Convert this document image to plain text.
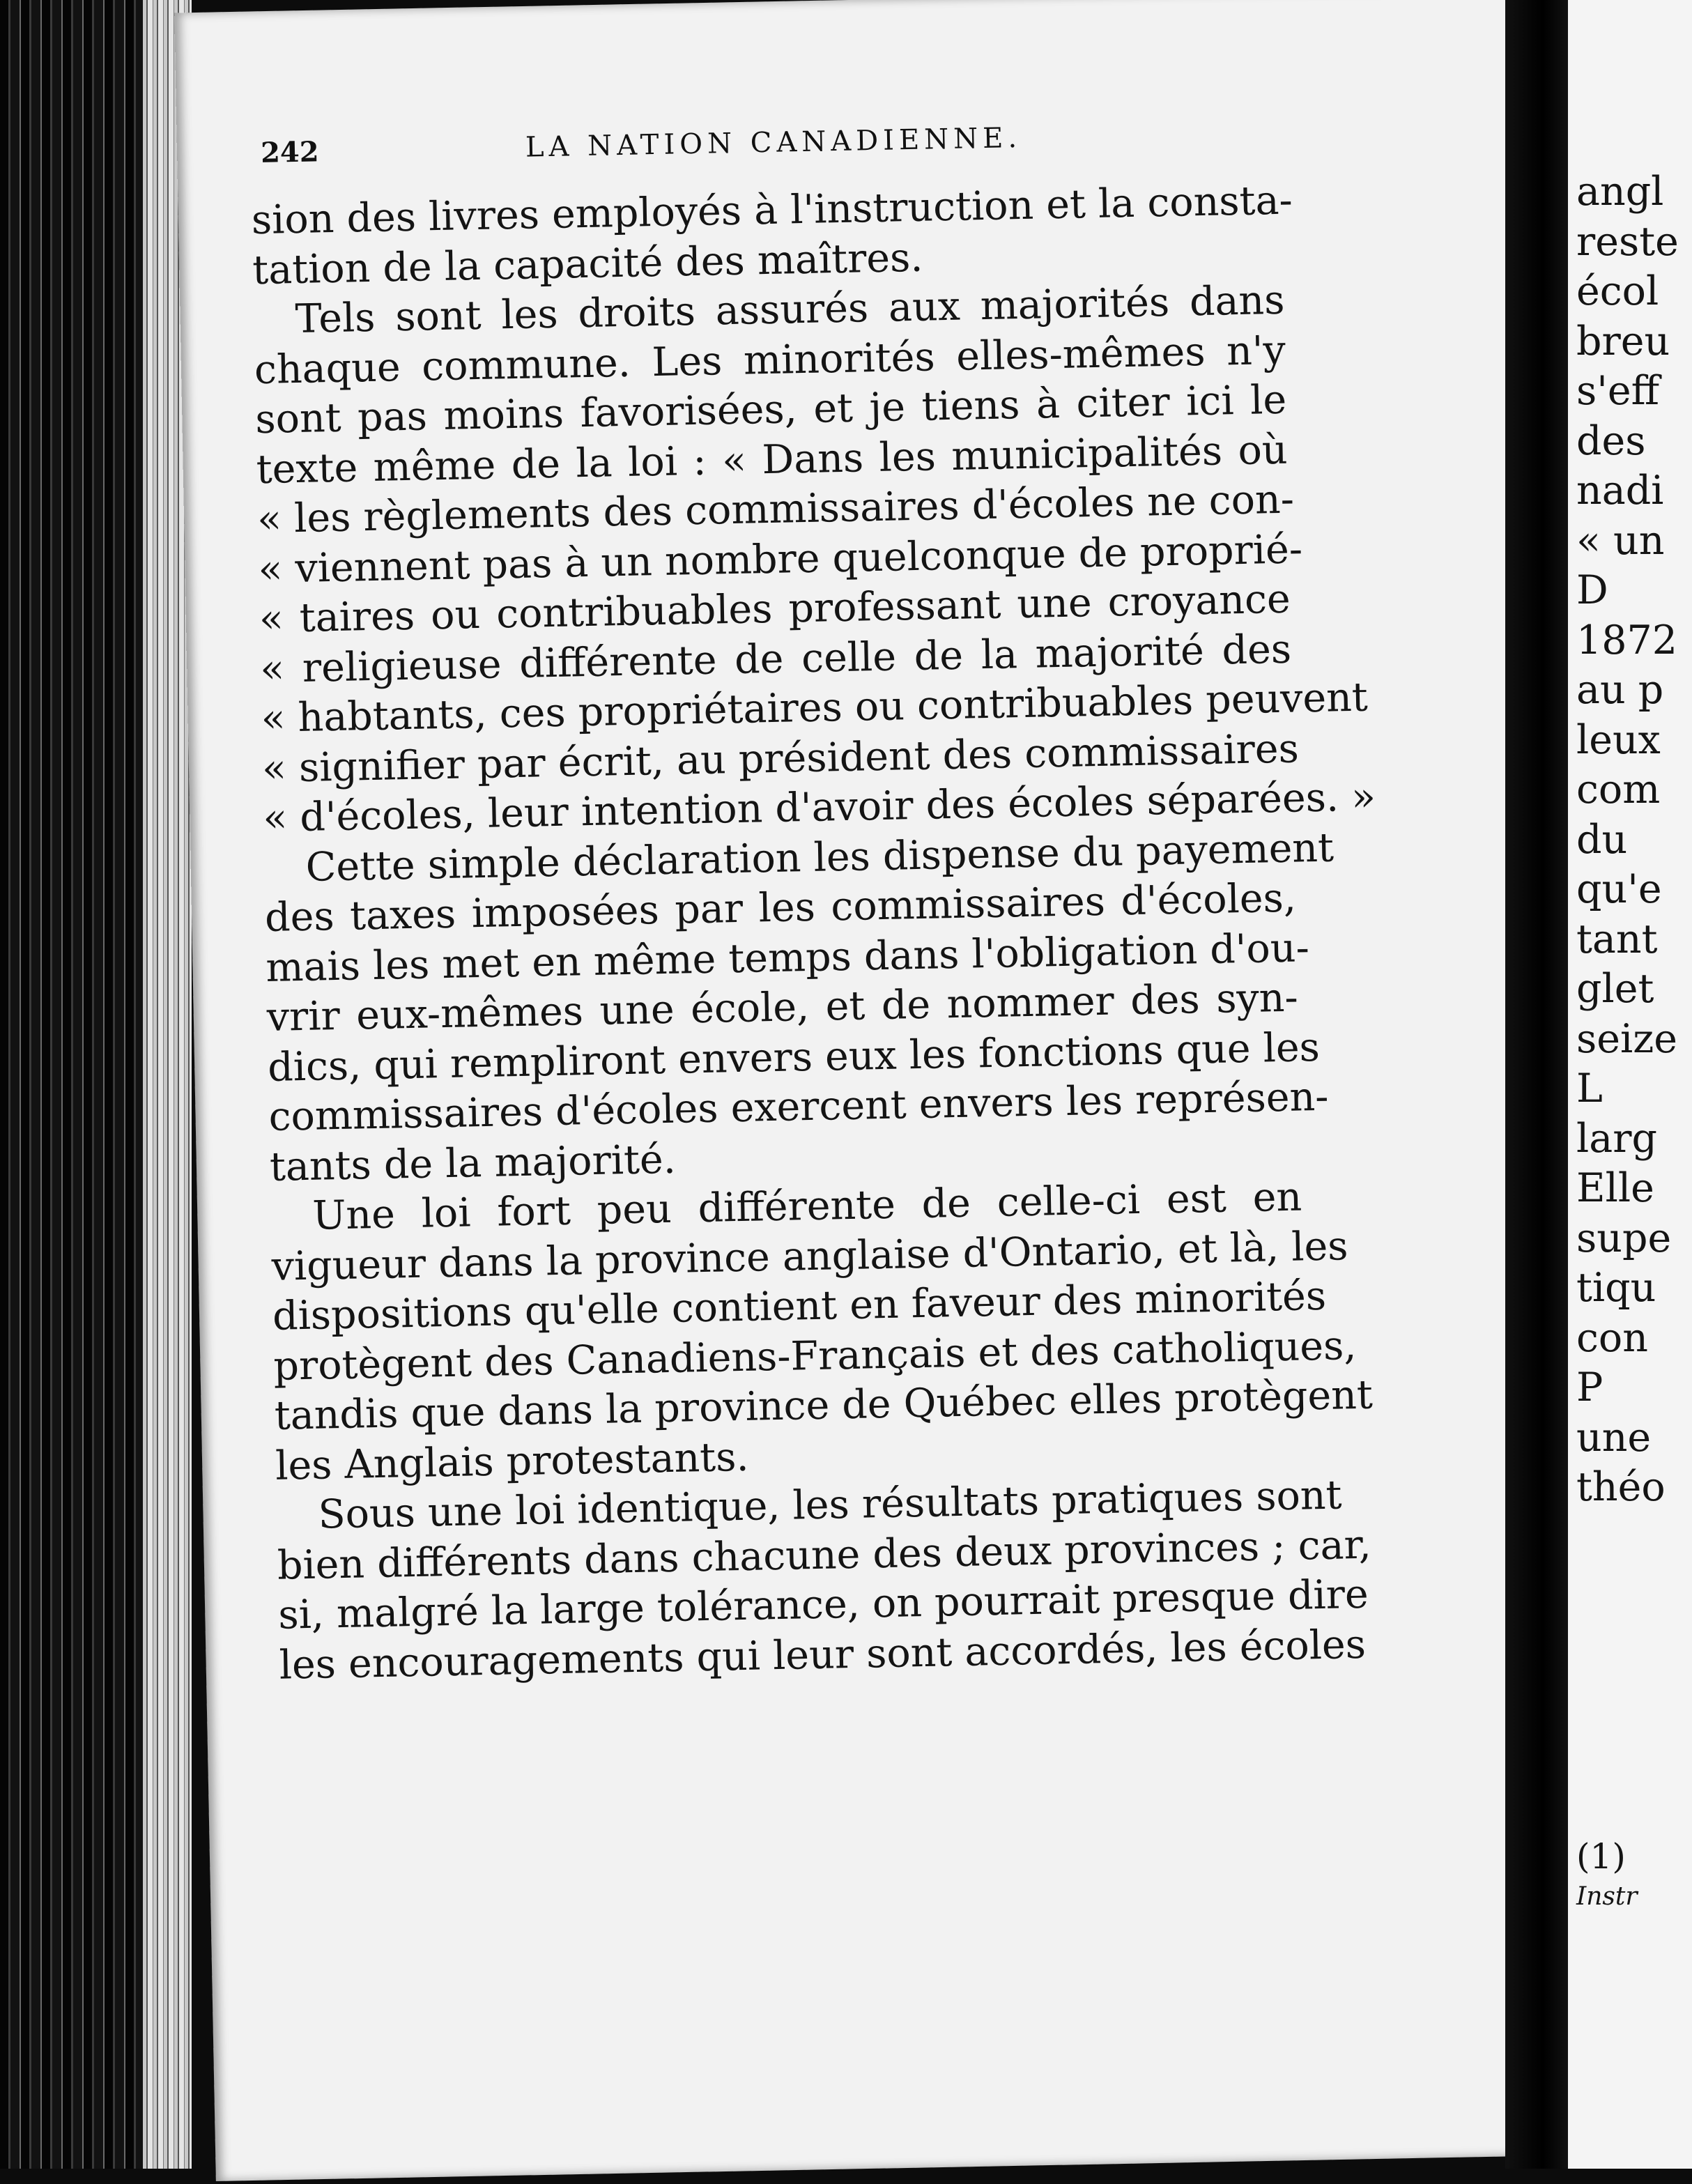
242	LA NATION CANADIENNE.
sion des livres employés à l'instruction et la consta-
tation de la capacité des maîtres.
Tels sont les droits assurés aux majorités dans
chaque commune. Les minorités elles-mêmes n'y
sont pas moins favorisées, et je tiens à citer ici le
texte même de la loi : « Dans les municipalités où
« les règlements des commissaires d'écoles ne con-
« viennent pas à un nombre quelconque de proprié-
« taires ou contribuables professant une croyance
« religieuse différente de celle de la majorité des
« habtants, ces propriétaires ou contribuables peuvent
« signifier par écrit, au président des commissaires
« d'écoles, leur intention d'avoir des écoles séparées. »
Cette simple déclaration les dispense du payement
des taxes imposées par les commissaires d'écoles,
mais les met en même temps dans l'obligation d'ou-
vrir eux-mêmes une école, et de nommer des syn-
dics, qui rempliront envers eux les fonctions que les
commissaires d'écoles exercent envers les représen-
tants de la majorité.
Une loi fort peu différente de celle-ci est en
vigueur dans la province anglaise d'Ontario, et là, les
dispositions qu'elle contient en faveur des minorités
protègent des Canadiens-Français et des catholiques,
tandis que dans la province de Québec elles protègent
les Anglais protestants.
Sous une loi identique, les résultats pratiques sont
bien différents dans chacune des deux provinces ; car,
si, malgré la large tolérance, on pourrait presque dire
les encouragements qui leur sont accordés, les écoles
angl
reste
écol
breu
s'eff
des
nadi
« un
D
1872
au p
leux
com
du
qu'e
tant
glet
seize
L
larg
Elle
supe
tiqu
con
P
une
théo
(1)
Instr
